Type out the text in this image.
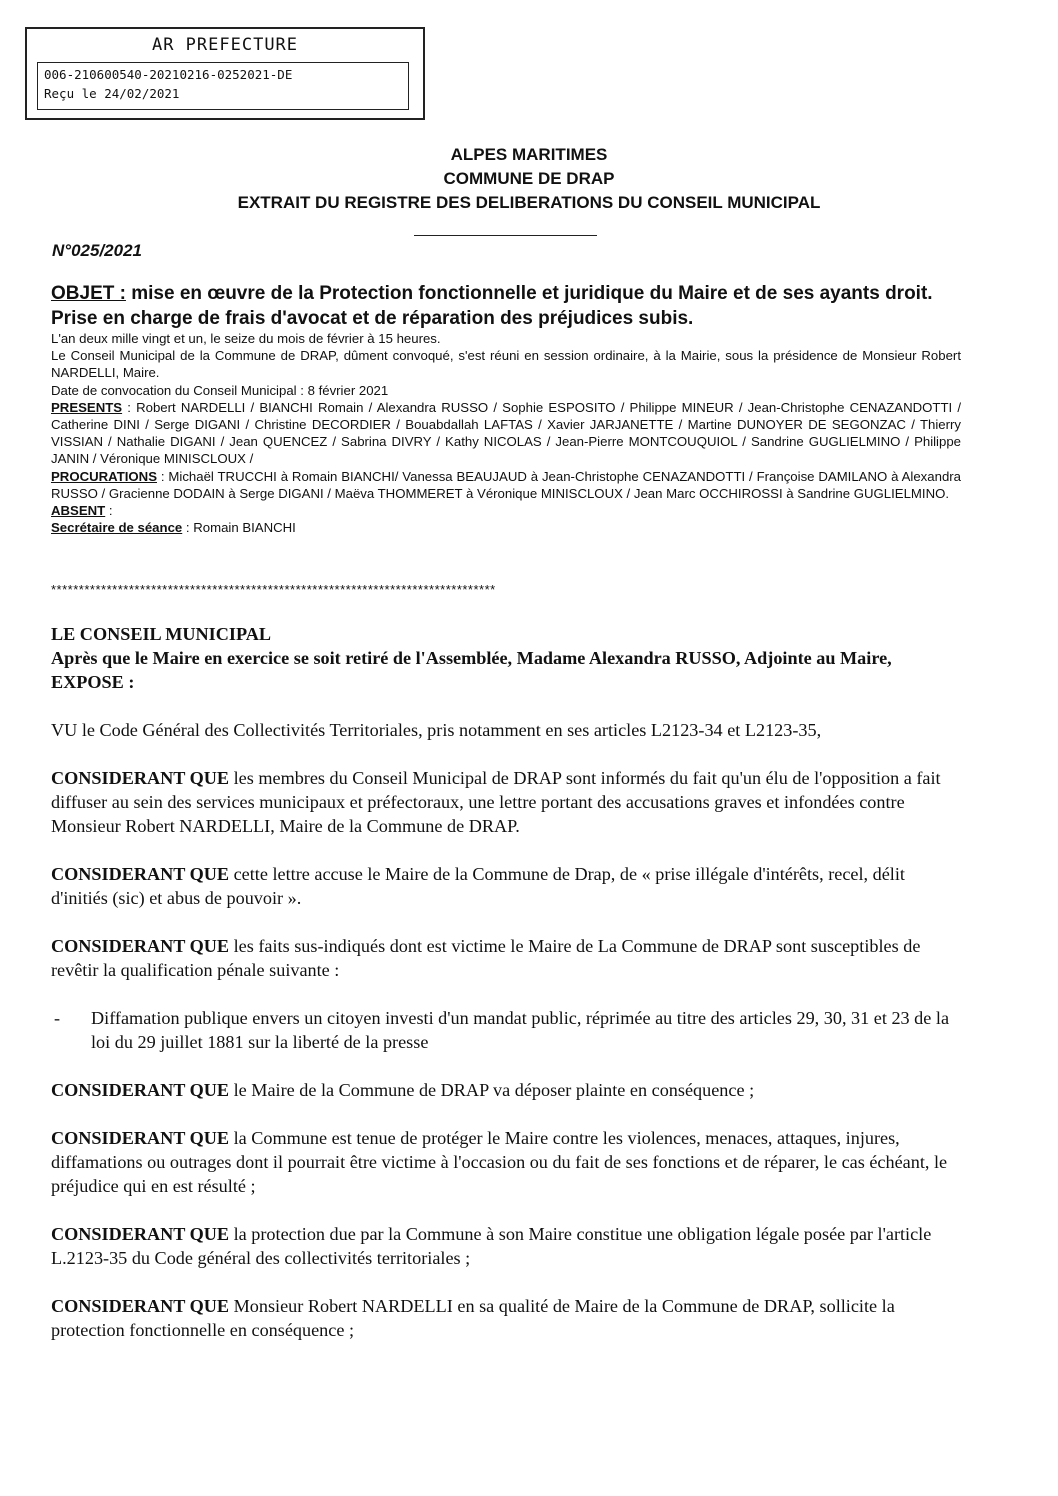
AR PREFECTURE
006-210600540-20210216-0252021-DE
Reçu le 24/02/2021
ALPES MARITIMES
COMMUNE DE DRAP
EXTRAIT DU REGISTRE DES DELIBERATIONS DU CONSEIL MUNICIPAL
N°025/2021
OBJET : mise en œuvre de la Protection fonctionnelle et juridique du Maire et de ses ayants droit. Prise en charge de frais d'avocat et de réparation des préjudices subis.

L'an deux mille vingt et un, le seize du mois de février à 15 heures.

Le Conseil Municipal de la Commune de DRAP, dûment convoqué, s'est réuni en session ordinaire, à la Mairie, sous la présidence de Monsieur Robert NARDELLI, Maire.

Date de convocation du Conseil Municipal : 8 février 2021

PRESENTS : Robert NARDELLI / BIANCHI Romain / Alexandra RUSSO / Sophie ESPOSITO / Philippe MINEUR / Jean-Christophe CENAZANDOTTI / Catherine DINI / Serge DIGANI / Christine DECORDIER / Bouabdallah LAFTAS / Xavier JARJANETTE / Martine DUNOYER DE SEGONZAC / Thierry VISSIAN / Nathalie DIGANI / Jean QUENCEZ / Sabrina DIVRY / Kathy NICOLAS / Jean-Pierre MONTCOUQUIOL / Sandrine GUGLIELMINO / Philippe JANIN / Véronique MINISCLOUX /

PROCURATIONS : Michaël TRUCCHI à Romain BIANCHI/ Vanessa BEAUJAUD à Jean-Christophe CENAZANDOTTI / Françoise DAMILANO à Alexandra RUSSO / Gracienne DODAIN à Serge DIGANI / Maëva THOMMERET à Véronique MINISCLOUX / Jean Marc OCCHIROSSI à Sandrine GUGLIELMINO.

ABSENT :

Secrétaire de séance : Romain BIANCHI

********************************************************************************

LE CONSEIL MUNICIPAL

Après que le Maire en exercice se soit retiré de l'Assemblée, Madame Alexandra RUSSO, Adjointe au Maire, EXPOSE :

VU le Code Général des Collectivités Territoriales, pris notamment en ses articles L2123-34 et L2123-35,

CONSIDERANT QUE les membres du Conseil Municipal de DRAP sont informés du fait qu'un élu de l'opposition a fait diffuser au sein des services municipaux et préfectoraux, une lettre portant des accusations graves et infondées contre Monsieur Robert NARDELLI, Maire de la Commune de DRAP.

CONSIDERANT QUE cette lettre accuse le Maire de la Commune de Drap, de « prise illégale d'intérêts, recel, délit d'initiés (sic) et abus de pouvoir ».

CONSIDERANT QUE les faits sus-indiqués dont est victime le Maire de La Commune de DRAP sont susceptibles de revêtir la qualification pénale suivante :

-	Diffamation publique envers un citoyen investi d'un mandat public, réprimée au titre des articles 29, 30, 31 et 23 de la loi du 29 juillet 1881 sur la liberté de la presse

CONSIDERANT QUE le Maire de la Commune de DRAP va déposer plainte en conséquence ;

CONSIDERANT QUE la Commune est tenue de protéger le Maire contre les violences, menaces, attaques, injures, diffamations ou outrages dont il pourrait être victime à l'occasion ou du fait de ses fonctions et de réparer, le cas échéant, le préjudice qui en est résulté ;

CONSIDERANT QUE la protection due par la Commune à son Maire constitue une obligation légale posée par l'article L.2123-35 du Code général des collectivités territoriales ;

CONSIDERANT QUE Monsieur Robert NARDELLI en sa qualité de Maire de la Commune de DRAP, sollicite la protection fonctionnelle en conséquence ;
